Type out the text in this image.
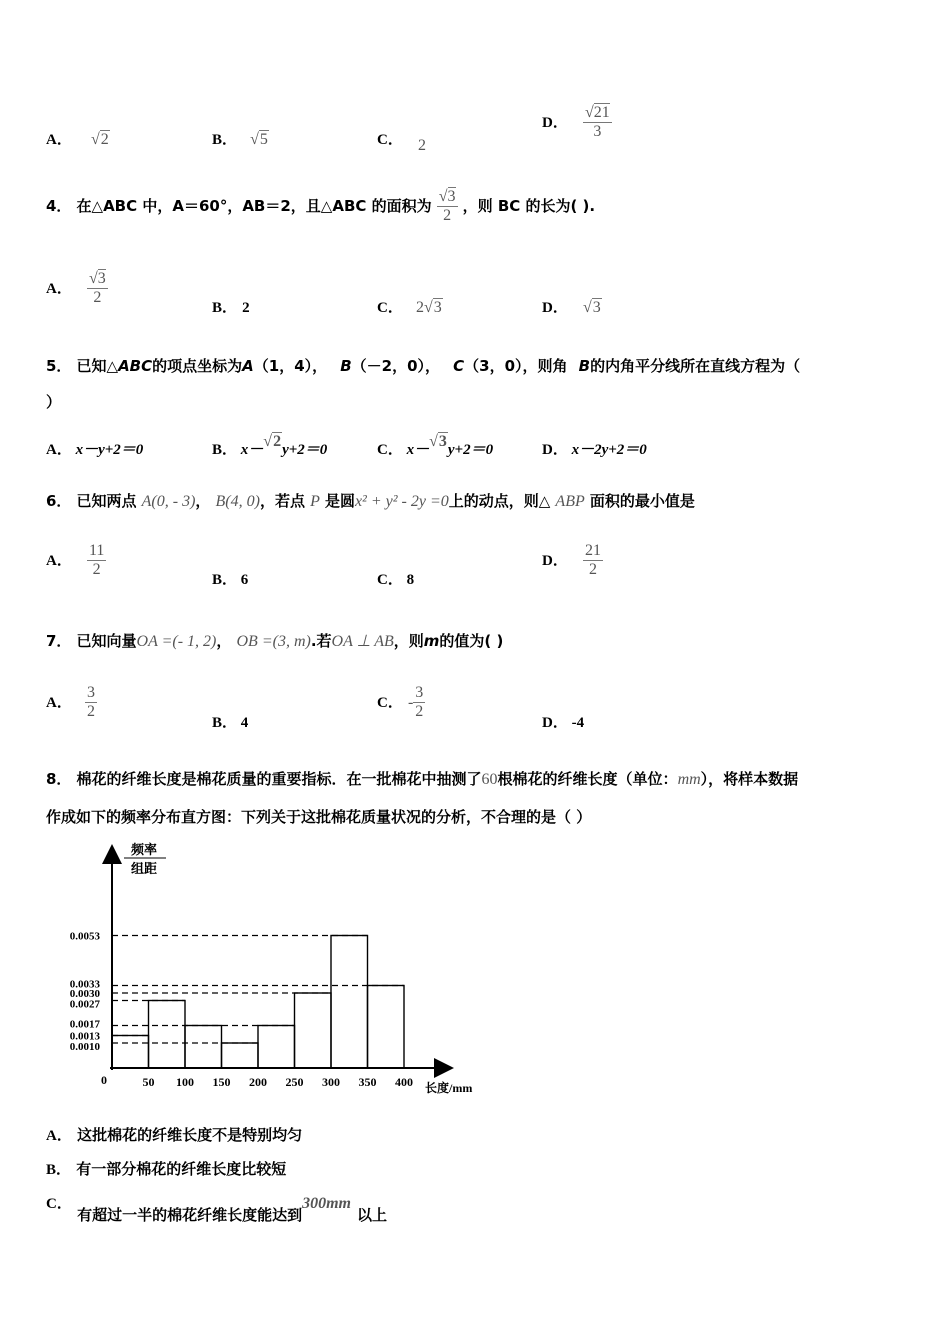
A． √2	B． √5	C． 2
D． $\frac{√21}{3}$
4． 在△ABC 中，A＝60°，AB＝2，且△ABC 的面积为 $\frac{√3}{2}$ ，则 BC 的长为( ).
A． $\frac{√3}{2}$
B． 2	C． 2√3	D． √3
5． 已知△ABC的项点坐标为A（1，4）， B（－2，0）， C（3，0），则角 B的内角平分线所在直线方程为（
）
A． x－y+2＝0	B． x－√2y+2＝0	C． x－√3y+2＝0	D． x－2y+2＝0
6． 已知两点 A(0, - 3)， B(4, 0)，若点 P 是圆x² + y² - 2y =0上的动点，则△ ABP 面积的最小值是
A． $\frac{11}{2}$
B． 6	C． 8
D． $\frac{21}{2}$
7． 已知向量OA =(- 1, 2)， OB =(3, m).若OA ⊥ AB，则m的值为( )
A． $\frac{3}{2}$
B． 4
C． - $\frac{3}{2}$
D． -4
8． 棉花的纤维长度是棉花质量的重要指标．在一批棉花中抽测了60根棉花的纤维长度（单位：mm），将样本数据
作成如下的频率分布直方图：下列关于这批棉花质量状况的分析，不合理的是（ ）
0.0053
0.0033
0.0030
0.0027
0.0017
0.0013
0.0010
50 100 150 200 250 300 350 400
0
频率
组距
长度/mm
A． 这批棉花的纤维长度不是特别均匀
B． 有一部分棉花的纤维长度比较短
C． 有超过一半的棉花纤维长度能达到300mm以上
